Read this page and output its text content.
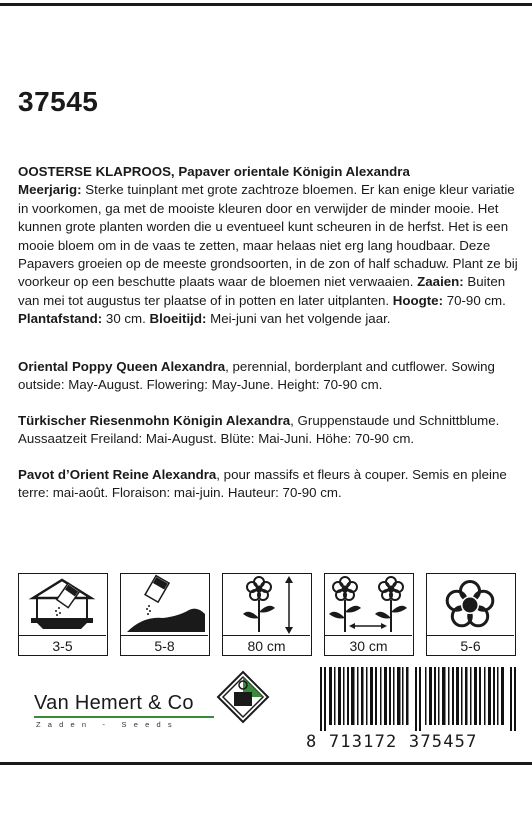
37545
OOSTERSE KLAPROOS, Papaver orientale Königin Alexandra
Meerjarig: Sterke tuinplant met grote zachtroze bloemen. Er kan enige kleur variatie in voorkomen, ga met de mooiste kleuren door en verwijder de minder mooie. Het kunnen grote planten worden die u eventueel kunt scheuren in de herfst. Het is een mooie bloem om in de vaas te zetten, maar helaas niet erg lang houdbaar. Deze Papavers groeien op de meeste grondsoorten, in de zon of half schaduw. Plant ze bij voorkeur op een beschutte plaats waar de bloemen niet verwaaien. Zaaien: Buiten van mei tot augustus ter plaatse of in potten en later uitplanten. Hoogte: 70-90 cm. Plantafstand: 30 cm. Bloeitijd: Mei-juni van het volgende jaar.
Oriental Poppy Queen Alexandra, perennial, borderplant and cutflower. Sowing outside: May-August. Flowering: May-June. Height: 70-90 cm.
Türkischer Riesenmohn Königin Alexandra, Gruppenstaude und Schnittblume. Aussaatzeit Freiland: Mai-August. Blüte: Mai-Juni. Höhe: 70-90 cm.
Pavot d’Orient Reine Alexandra, pour massifs et fleurs à couper. Semis en pleine terre: mai-août. Floraison: mai-juin. Hauteur: 70-90 cm.
3-5	5-8	80 cm	30 cm	5-6
Van Hemert & Co
Zaden - Seeds
8 713172 375457
